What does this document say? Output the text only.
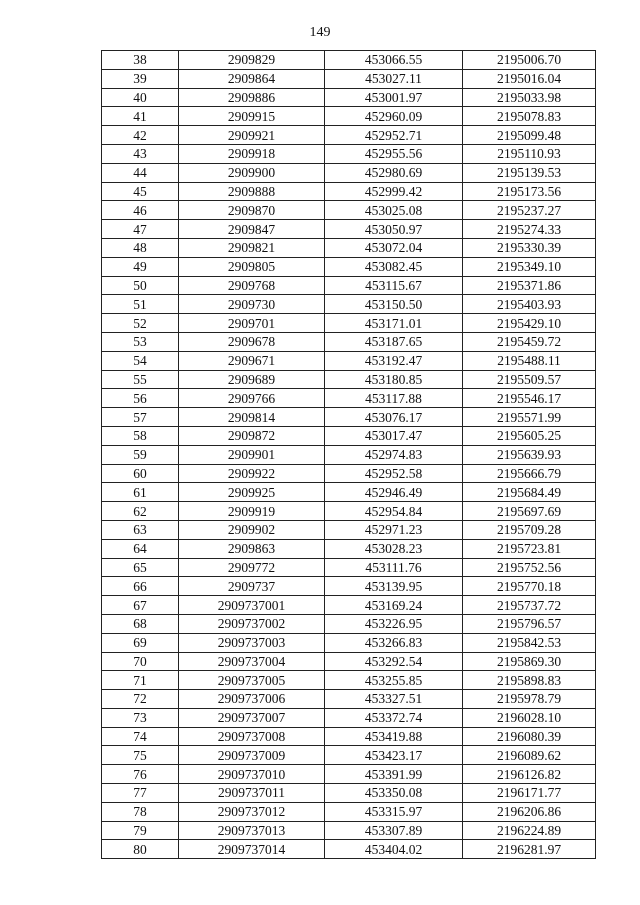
149
38	2909829	453066.55	2195006.70
39	2909864	453027.11	2195016.04
40	2909886	453001.97	2195033.98
41	2909915	452960.09	2195078.83
42	2909921	452952.71	2195099.48
43	2909918	452955.56	2195110.93
44	2909900	452980.69	2195139.53
45	2909888	452999.42	2195173.56
46	2909870	453025.08	2195237.27
47	2909847	453050.97	2195274.33
48	2909821	453072.04	2195330.39
49	2909805	453082.45	2195349.10
50	2909768	453115.67	2195371.86
51	2909730	453150.50	2195403.93
52	2909701	453171.01	2195429.10
53	2909678	453187.65	2195459.72
54	2909671	453192.47	2195488.11
55	2909689	453180.85	2195509.57
56	2909766	453117.88	2195546.17
57	2909814	453076.17	2195571.99
58	2909872	453017.47	2195605.25
59	2909901	452974.83	2195639.93
60	2909922	452952.58	2195666.79
61	2909925	452946.49	2195684.49
62	2909919	452954.84	2195697.69
63	2909902	452971.23	2195709.28
64	2909863	453028.23	2195723.81
65	2909772	453111.76	2195752.56
66	2909737	453139.95	2195770.18
67	2909737001	453169.24	2195737.72
68	2909737002	453226.95	2195796.57
69	2909737003	453266.83	2195842.53
70	2909737004	453292.54	2195869.30
71	2909737005	453255.85	2195898.83
72	2909737006	453327.51	2195978.79
73	2909737007	453372.74	2196028.10
74	2909737008	453419.88	2196080.39
75	2909737009	453423.17	2196089.62
76	2909737010	453391.99	2196126.82
77	2909737011	453350.08	2196171.77
78	2909737012	453315.97	2196206.86
79	2909737013	453307.89	2196224.89
80	2909737014	453404.02	2196281.97
